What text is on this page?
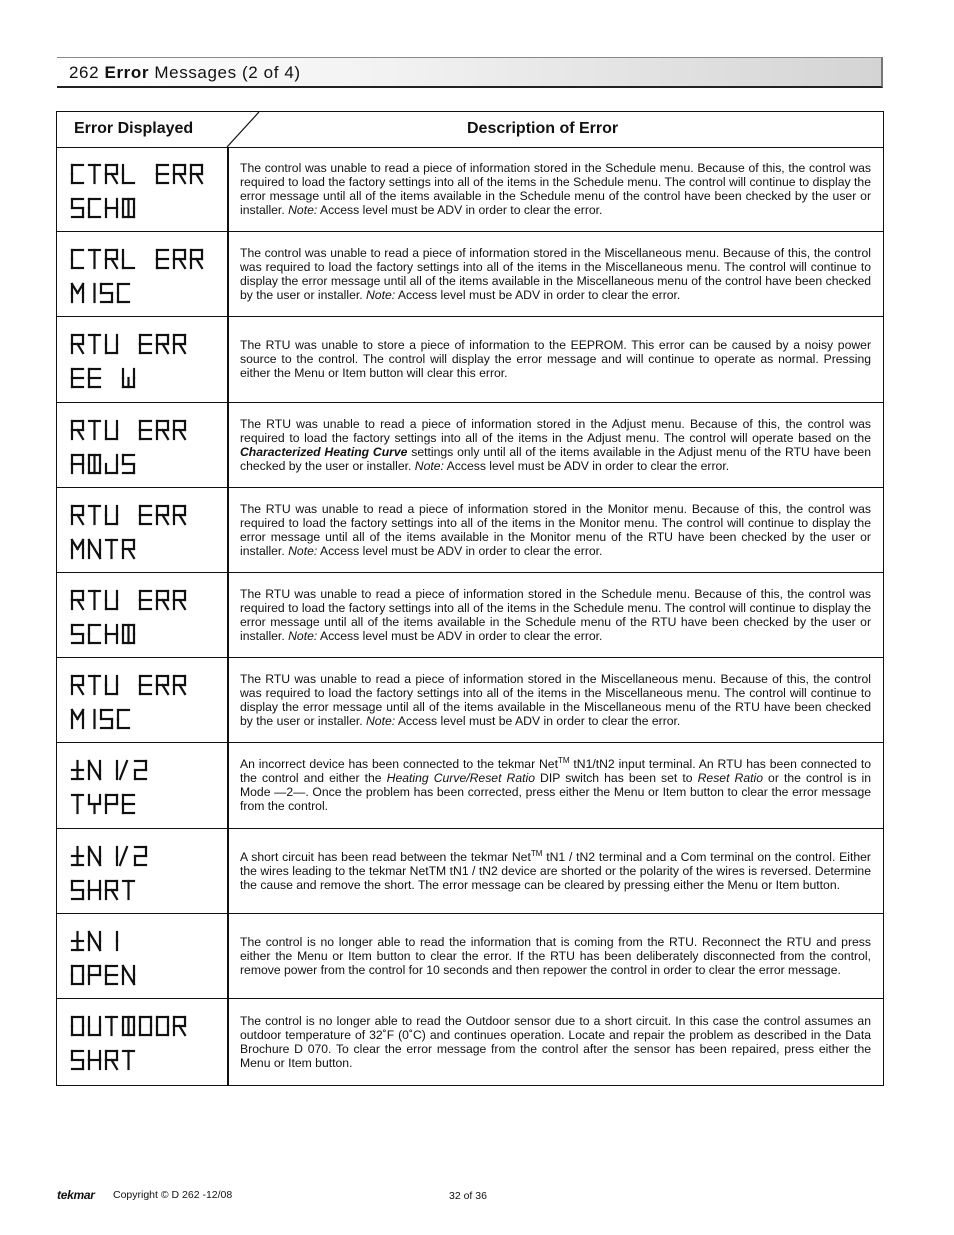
262 Error Messages (2 of 4)
Error Displayed	Description of Error
The control was unable to read a piece of information stored in the Schedule menu. Because of this, the control was required to load the factory settings into all of the items in the Schedule menu. The control will continue to display the error message until all of the items available in the Schedule menu of the control have been checked by the user or installer. Note: Access level must be ADV in order to clear the error.
The control was unable to read a piece of information stored in the Miscellaneous menu. Because of this, the control was required to load the factory settings into all of the items in the Miscellaneous menu. The control will continue to display the error message until all of the items available in the Miscellaneous menu of the control have been checked by the user or installer. Note: Access level must be ADV in order to clear the error.
The RTU was unable to store a piece of information to the EEPROM. This error can be caused by a noisy power source to the control. The control will display the error message and will continue to operate as normal. Pressing either the Menu or Item button will clear this error.
The RTU was unable to read a piece of information stored in the Adjust menu. Because of this, the control was required to load the factory settings into all of the items in the Adjust menu. The control will operate based on the Characterized Heating Curve settings only until all of the items available in the Adjust menu of the RTU have been checked by the user or installer. Note: Access level must be ADV in order to clear the error.
The RTU was unable to read a piece of information stored in the Monitor menu. Because of this, the control was required to load the factory settings into all of the items in the Monitor menu. The control will continue to display the error message until all of the items available in the Monitor menu of the RTU have been checked by the user or installer. Note: Access level must be ADV in order to clear the error.
The RTU was unable to read a piece of information stored in the Schedule menu. Because of this, the control was required to load the factory settings into all of the items in the Schedule menu. The control will continue to display the error message until all of the items available in the Schedule menu of the RTU have been checked by the user or installer. Note: Access level must be ADV in order to clear the error.
The RTU was unable to read a piece of information stored in the Miscellaneous menu. Because of this, the control was required to load the factory settings into all of the items in the Miscellaneous menu. The control will continue to display the error message until all of the items available in the Miscellaneous menu of the RTU have been checked by the user or installer. Note: Access level must be ADV in order to clear the error.
An incorrect device has been connected to the tekmar Net™ tN1/tN2 input terminal. An RTU has been connected to the control and either the Heating Curve/Reset Ratio DIP switch has been set to Reset Ratio or the control is in Mode —2—. Once the problem has been corrected, press either the Menu or Item button to clear the error message from the control.
A short circuit has been read between the tekmar Net™ tN1 / tN2 terminal and a Com terminal on the control. Either the wires leading to the tekmar NetTM tN1 / tN2 device are shorted or the polarity of the wires is reversed. Determine the cause and remove the short. The error message can be cleared by pressing either the Menu or Item button.
The control is no longer able to read the information that is coming from the RTU. Reconnect the RTU and press either the Menu or Item button to clear the error. If the RTU has been deliberately disconnected from the control, remove power from the control for 10 seconds and then repower the control in order to clear the error message.
The control is no longer able to read the Outdoor sensor due to a short circuit. In this case the control assumes an outdoor temperature of 32˚F (0˚C) and continues operation. Locate and repair the problem as described in the Data Brochure D 070. To clear the error message from the control after the sensor has been repaired, press either the Menu or Item button.
tekmar Copyright © D 262 -12/08	32 of 36
